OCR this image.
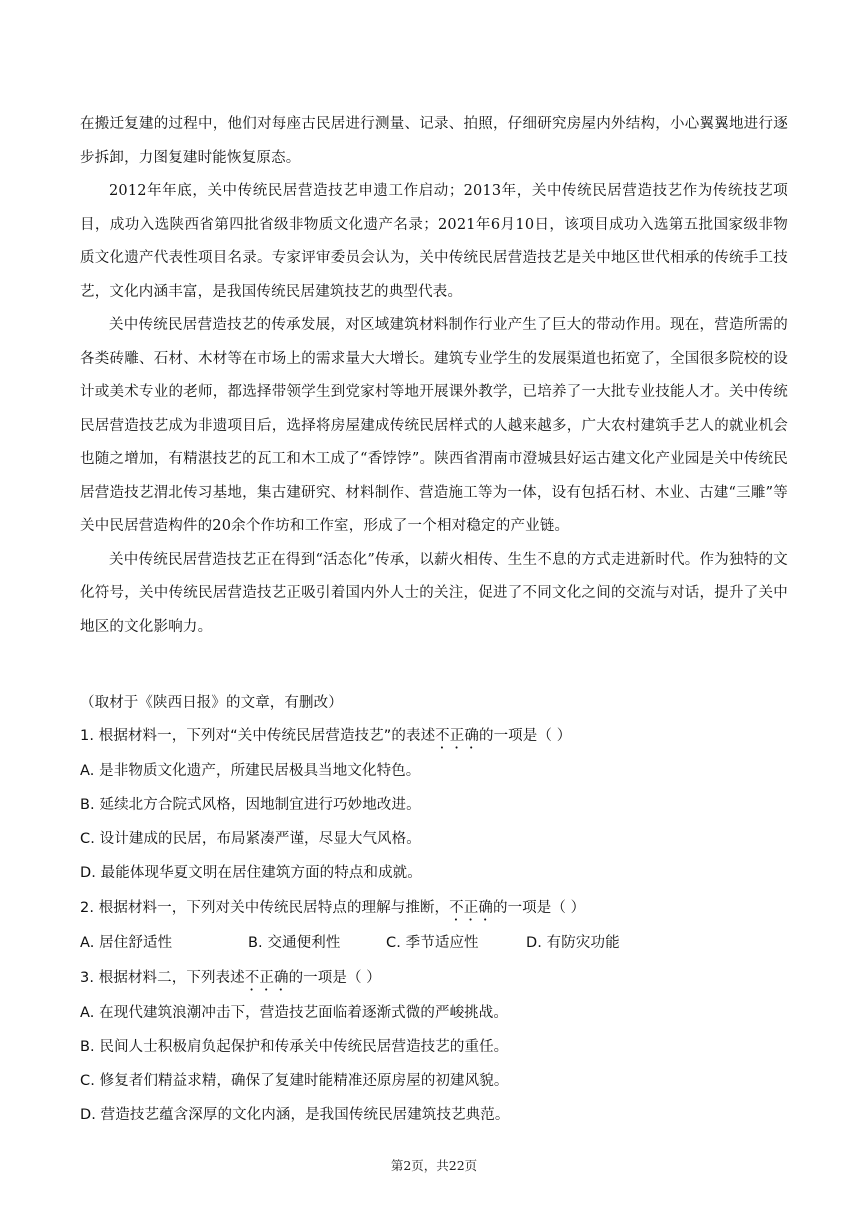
在搬迁复建的过程中，他们对每座古民居进行测量、记录、拍照，仔细研究房屋内外结构，小心翼翼地进行逐步拆卸，力图复建时能恢复原态。

2012年年底，关中传统民居营造技艺申遗工作启动；2013年，关中传统民居营造技艺作为传统技艺项目，成功入选陕西省第四批省级非物质文化遗产名录；2021年6月10日，该项目成功入选第五批国家级非物质文化遗产代表性项目名录。专家评审委员会认为，关中传统民居营造技艺是关中地区世代相承的传统手工技艺，文化内涵丰富，是我国传统民居建筑技艺的典型代表。

关中传统民居营造技艺的传承发展，对区域建筑材料制作行业产生了巨大的带动作用。现在，营造所需的各类砖雕、石材、木材等在市场上的需求量大大增长。建筑专业学生的发展渠道也拓宽了，全国很多院校的设计或美术专业的老师，都选择带领学生到党家村等地开展课外教学，已培养了一大批专业技能人才。关中传统民居营造技艺成为非遗项目后，选择将房屋建成传统民居样式的人越来越多，广大农村建筑手艺人的就业机会也随之增加，有精湛技艺的瓦工和木工成了“香饽饽”。陕西省渭南市澄城县好运古建文化产业园是关中传统民居营造技艺渭北传习基地，集古建研究、材料制作、营造施工等为一体，设有包括石材、木业、古建“三雕”等关中民居营造构件的20余个作坊和工作室，形成了一个相对稳定的产业链。

关中传统民居营造技艺正在得到“活态化”传承，以薪火相传、生生不息的方式走进新时代。作为独特的文化符号，关中传统民居营造技艺正吸引着国内外人士的关注，促进了不同文化之间的交流与对话，提升了关中地区的文化影响力。

（取材于《陕西日报》的文章，有删改）
1. 根据材料一，下列对“关中传统民居营造技艺”的表述不正确的一项是（ ）
A. 是非物质文化遗产，所建民居极具当地文化特色。
B. 延续北方合院式风格，因地制宜进行巧妙地改进。
C. 设计建成的民居，布局紧凑严谨，尽显大气风格。
D. 最能体现华夏文明在居住建筑方面的特点和成就。
2. 根据材料一，下列对关中传统民居特点的理解与推断，不正确的一项是（ ）
A. 居住舒适性	B. 交通便利性	C. 季节适应性	D. 有防灾功能
3. 根据材料二，下列表述不正确的一项是（ ）
A. 在现代建筑浪潮冲击下，营造技艺面临着逐渐式微的严峻挑战。
B. 民间人士积极肩负起保护和传承关中传统民居营造技艺的重任。
C. 修复者们精益求精，确保了复建时能精准还原房屋的初建风貌。
D. 营造技艺蕴含深厚的文化内涵，是我国传统民居建筑技艺典范。
第2页，共22页
